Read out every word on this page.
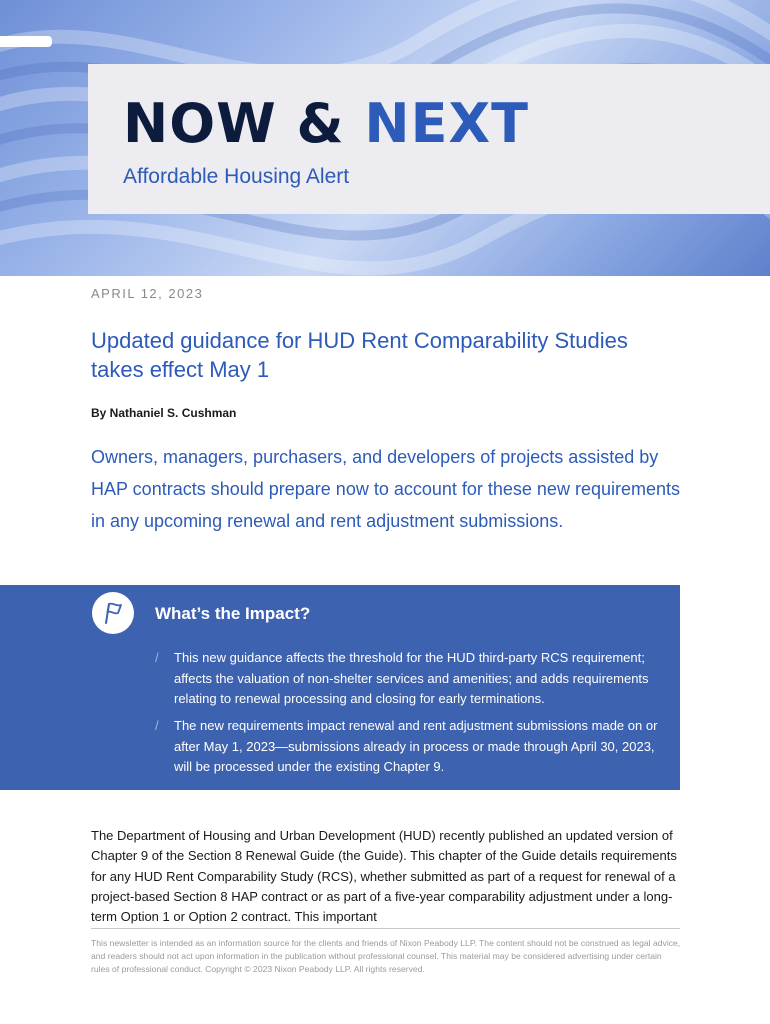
NOW & NEXT
Affordable Housing Alert
APRIL 12, 2023
Updated guidance for HUD Rent Comparability Studies takes effect May 1
By Nathaniel S. Cushman
Owners, managers, purchasers, and developers of projects assisted by HAP contracts should prepare now to account for these new requirements in any upcoming renewal and rent adjustment submissions.
What’s the Impact?
/ This new guidance affects the threshold for the HUD third-party RCS requirement; affects the valuation of non-shelter services and amenities; and adds requirements relating to renewal processing and closing for early terminations.
/ The new requirements impact renewal and rent adjustment submissions made on or after May 1, 2023—submissions already in process or made through April 30, 2023, will be processed under the existing Chapter 9.
The Department of Housing and Urban Development (HUD) recently published an updated version of Chapter 9 of the Section 8 Renewal Guide (the Guide). This chapter of the Guide details requirements for any HUD Rent Comparability Study (RCS), whether submitted as part of a request for renewal of a project-based Section 8 HAP contract or as part of a five-year comparability adjustment under a long-term Option 1 or Option 2 contract. This important
This newsletter is intended as an information source for the clients and friends of Nixon Peabody LLP. The content should not be construed as legal advice, and readers should not act upon information in the publication without professional counsel. This material may be considered advertising under certain rules of professional conduct. Copyright © 2023 Nixon Peabody LLP. All rights reserved.
